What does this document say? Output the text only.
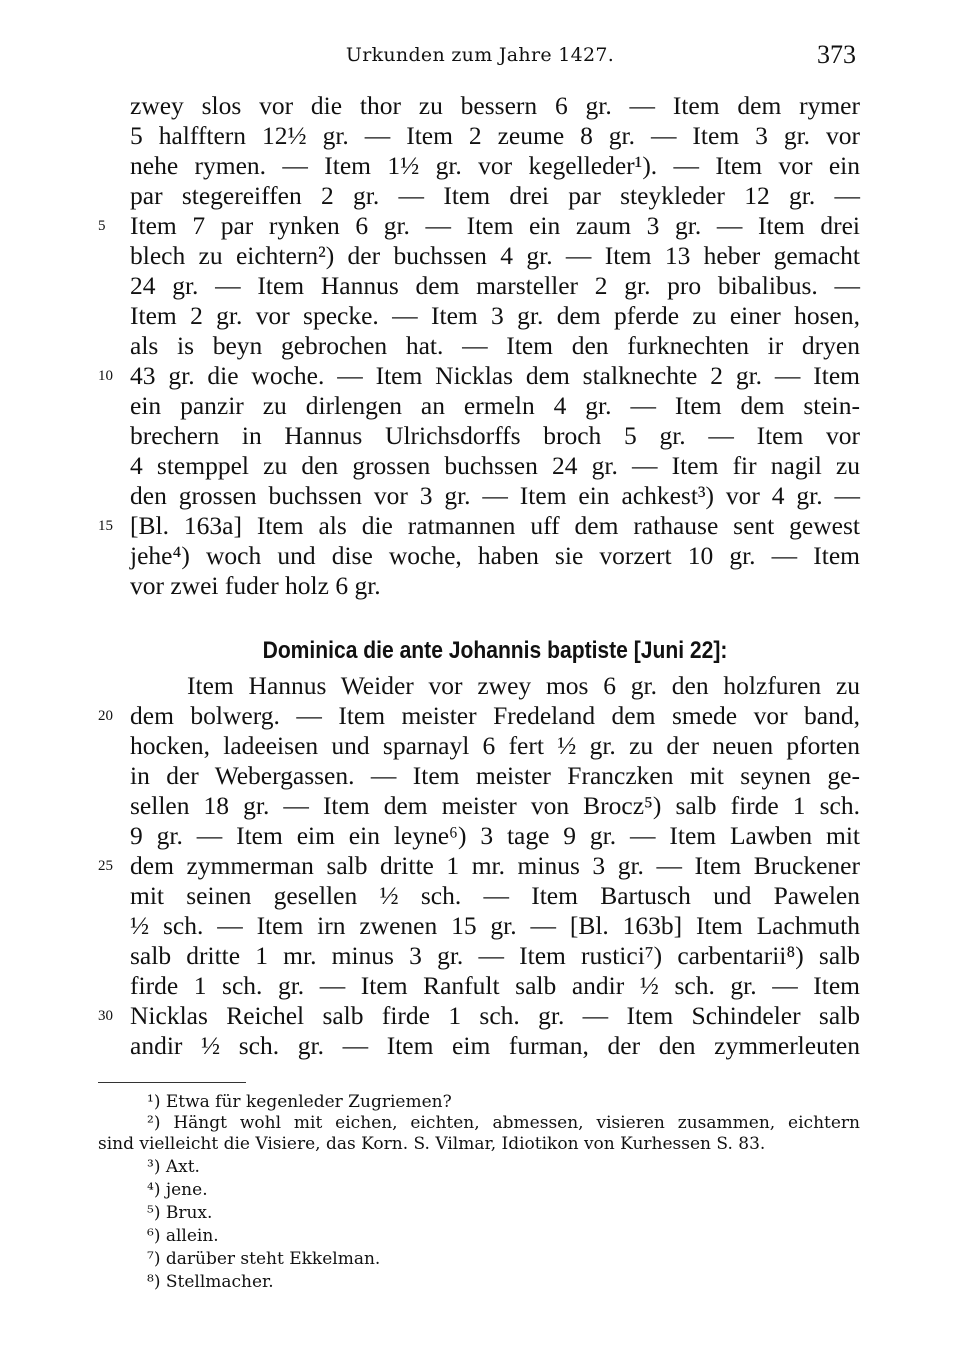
Urkunden zum Jahre 1427.	373
zwey slos vor die thor zu bessern 6 gr. — Item dem rymer
5 halfftern 12½ gr. — Item 2 zeume 8 gr. — Item 3 gr. vor
nehe rymen. — Item 1½ gr. vor kegelleder¹). — Item vor ein
par stegereiffen 2 gr. — Item drei par steykleder 12 gr. —
Item 7 par rynken 6 gr. — Item ein zaum 3 gr. — Item drei
blech zu eichtern²) der buchssen 4 gr. — Item 13 heber gemacht
24 gr. — Item Hannus dem marsteller 2 gr. pro bibalibus. —
Item 2 gr. vor specke. — Item 3 gr. dem pferde zu einer hosen,
als is beyn gebrochen hat. — Item den furknechten ir dryen
43 gr. die woche. — Item Nicklas dem stalknechte 2 gr. — Item
ein panzir zu dirlengen an ermeln 4 gr. — Item dem stein-
brechern in Hannus Ulrichsdorffs broch 5 gr. — Item vor
4 stemppel zu den grossen buchssen 24 gr. — Item fir nagil zu
den grossen buchssen vor 3 gr. — Item ein achkest³) vor 4 gr. —
[Bl. 163a] Item als die ratmannen uff dem rathause sent gewest
jehe⁴) woch und dise woche, haben sie vorzert 10 gr. — Item
vor zwei fuder holz 6 gr.
Dominica die ante Johannis baptiste [Juni 22]:
Item Hannus Weider vor zwey mos 6 gr. den holzfuren zu
dem bolwerg. — Item meister Fredeland dem smede vor band,
hocken, ladeeisen und sparnayl 6 fert ½ gr. zu der neuen pforten
in der Webergassen. — Item meister Franczken mit seynen ge-
sellen 18 gr. — Item dem meister von Brocz⁵) salb firde 1 sch.
9 gr. — Item eim ein leyne⁶) 3 tage 9 gr. — Item Lawben mit
dem zymmerman salb dritte 1 mr. minus 3 gr. — Item Bruckener
mit seinen gesellen ½ sch. — Item Bartusch und Pawelen
½ sch. — Item irn zwenen 15 gr. — [Bl. 163b] Item Lachmuth
salb dritte 1 mr. minus 3 gr. — Item rustici⁷) carbentarii⁸) salb
firde 1 sch. gr. — Item Ranfult salb andir ½ sch. gr. — Item
Nicklas Reichel salb firde 1 sch. gr. — Item Schindeler salb
andir ½ sch. gr. — Item eim furman, der den zymmerleuten
5
10
15
20
25
30
¹) Etwa für kegenleder Zugriemen?
²) Hängt wohl mit eichen, eichten, abmessen, visieren zusammen, eichtern
sind vielleicht die Visiere, das Korn. S. Vilmar, Idiotikon von Kurhessen S. 83.
³) Axt.
⁴) jene.
⁵) Brux.
⁶) allein.
⁷) darüber steht Ekkelman.
⁸) Stellmacher.
